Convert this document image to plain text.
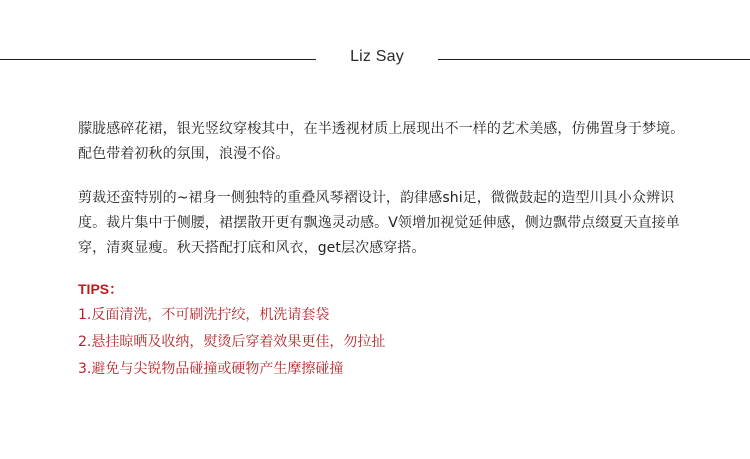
Liz Say

朦胧感碎花裙，银光竖纹穿梭其中，在半透视材质上展现出不一样的艺术美感，仿佛置身于梦境。配色带着初秋的氛围，浪漫不俗。

剪裁还蛮特别的~裙身一侧独特的重叠风琴褶设计，韵律感shi足，微微鼓起的造型川具小众辨识度。裁片集中于侧腰，裙摆散开更有飘逸灵动感。V领增加视觉延伸感，侧边飘带点缀夏天直接单穿，清爽显瘦。秋天搭配打底和风衣，get层次感穿搭。

TIPS：
1.反面清洗，不可刷洗拧绞，机洗请套袋
2.悬挂晾晒及收纳，熨烫后穿着效果更佳，勿拉扯
3.避免与尖锐物品碰撞或硬物产生摩擦碰撞
